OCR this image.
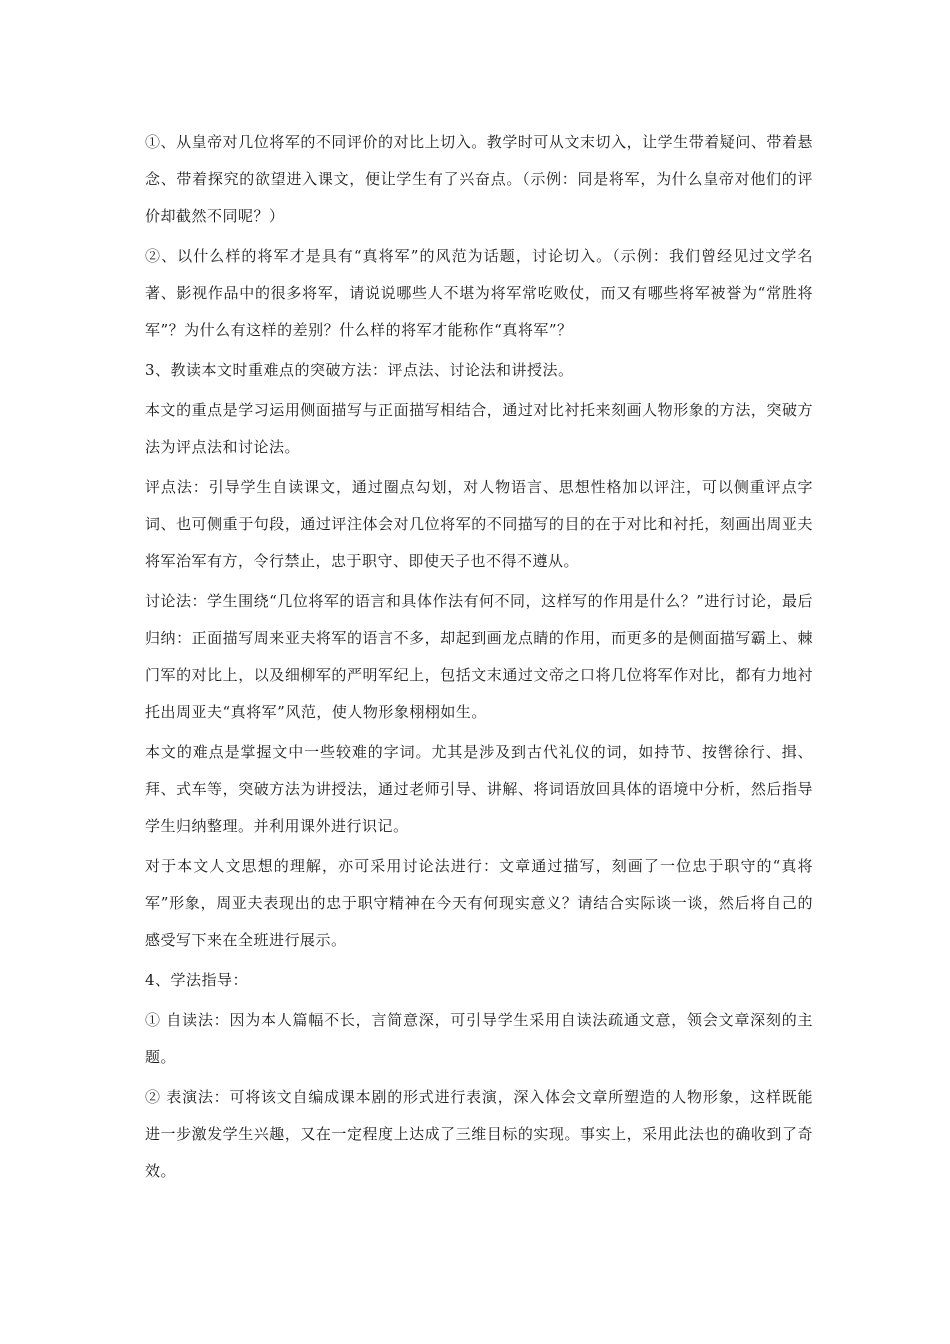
①、从皇帝对几位将军的不同评价的对比上切入。教学时可从文末切入，让学生带着疑问、带着悬念、带着探究的欲望进入课文，便让学生有了兴奋点。（示例：同是将军，为什么皇帝对他们的评价却截然不同呢？）

②、以什么样的将军才是具有“真将军”的风范为话题，讨论切入。（示例：我们曾经见过文学名著、影视作品中的很多将军，请说说哪些人不堪为将军常吃败仗，而又有哪些将军被誉为“常胜将军”？为什么有这样的差别？什么样的将军才能称作“真将军”？

3、教读本文时重难点的突破方法：评点法、讨论法和讲授法。

本文的重点是学习运用侧面描写与正面描写相结合，通过对比衬托来刻画人物形象的方法，突破方法为评点法和讨论法。

评点法：引导学生自读课文，通过圈点勾划，对人物语言、思想性格加以评注，可以侧重评点字词、也可侧重于句段，通过评注体会对几位将军的不同描写的目的在于对比和衬托，刻画出周亚夫将军治军有方，令行禁止，忠于职守、即使天子也不得不遵从。

讨论法：学生围绕“几位将军的语言和具体作法有何不同，这样写的作用是什么？”进行讨论，最后归纳：正面描写周来亚夫将军的语言不多，却起到画龙点睛的作用，而更多的是侧面描写霸上、棘门军的对比上，以及细柳军的严明军纪上，包括文末通过文帝之口将几位将军作对比，都有力地衬托出周亚夫“真将军”风范，使人物形象栩栩如生。

本文的难点是掌握文中一些较难的字词。尤其是涉及到古代礼仪的词，如持节、按辔徐行、揖、拜、式车等，突破方法为讲授法，通过老师引导、讲解、将词语放回具体的语境中分析，然后指导学生归纳整理。并利用课外进行识记。

对于本文人文思想的理解，亦可采用讨论法进行：文章通过描写，刻画了一位忠于职守的“真将军”形象，周亚夫表现出的忠于职守精神在今天有何现实意义？请结合实际谈一谈，然后将自己的感受写下来在全班进行展示。

4、学法指导：

① 自读法：因为本人篇幅不长，言简意深，可引导学生采用自读法疏通文意，领会文章深刻的主题。

② 表演法：可将该文自编成课本剧的形式进行表演，深入体会文章所塑造的人物形象，这样既能进一步激发学生兴趣，又在一定程度上达成了三维目标的实现。事实上，采用此法也的确收到了奇效。
